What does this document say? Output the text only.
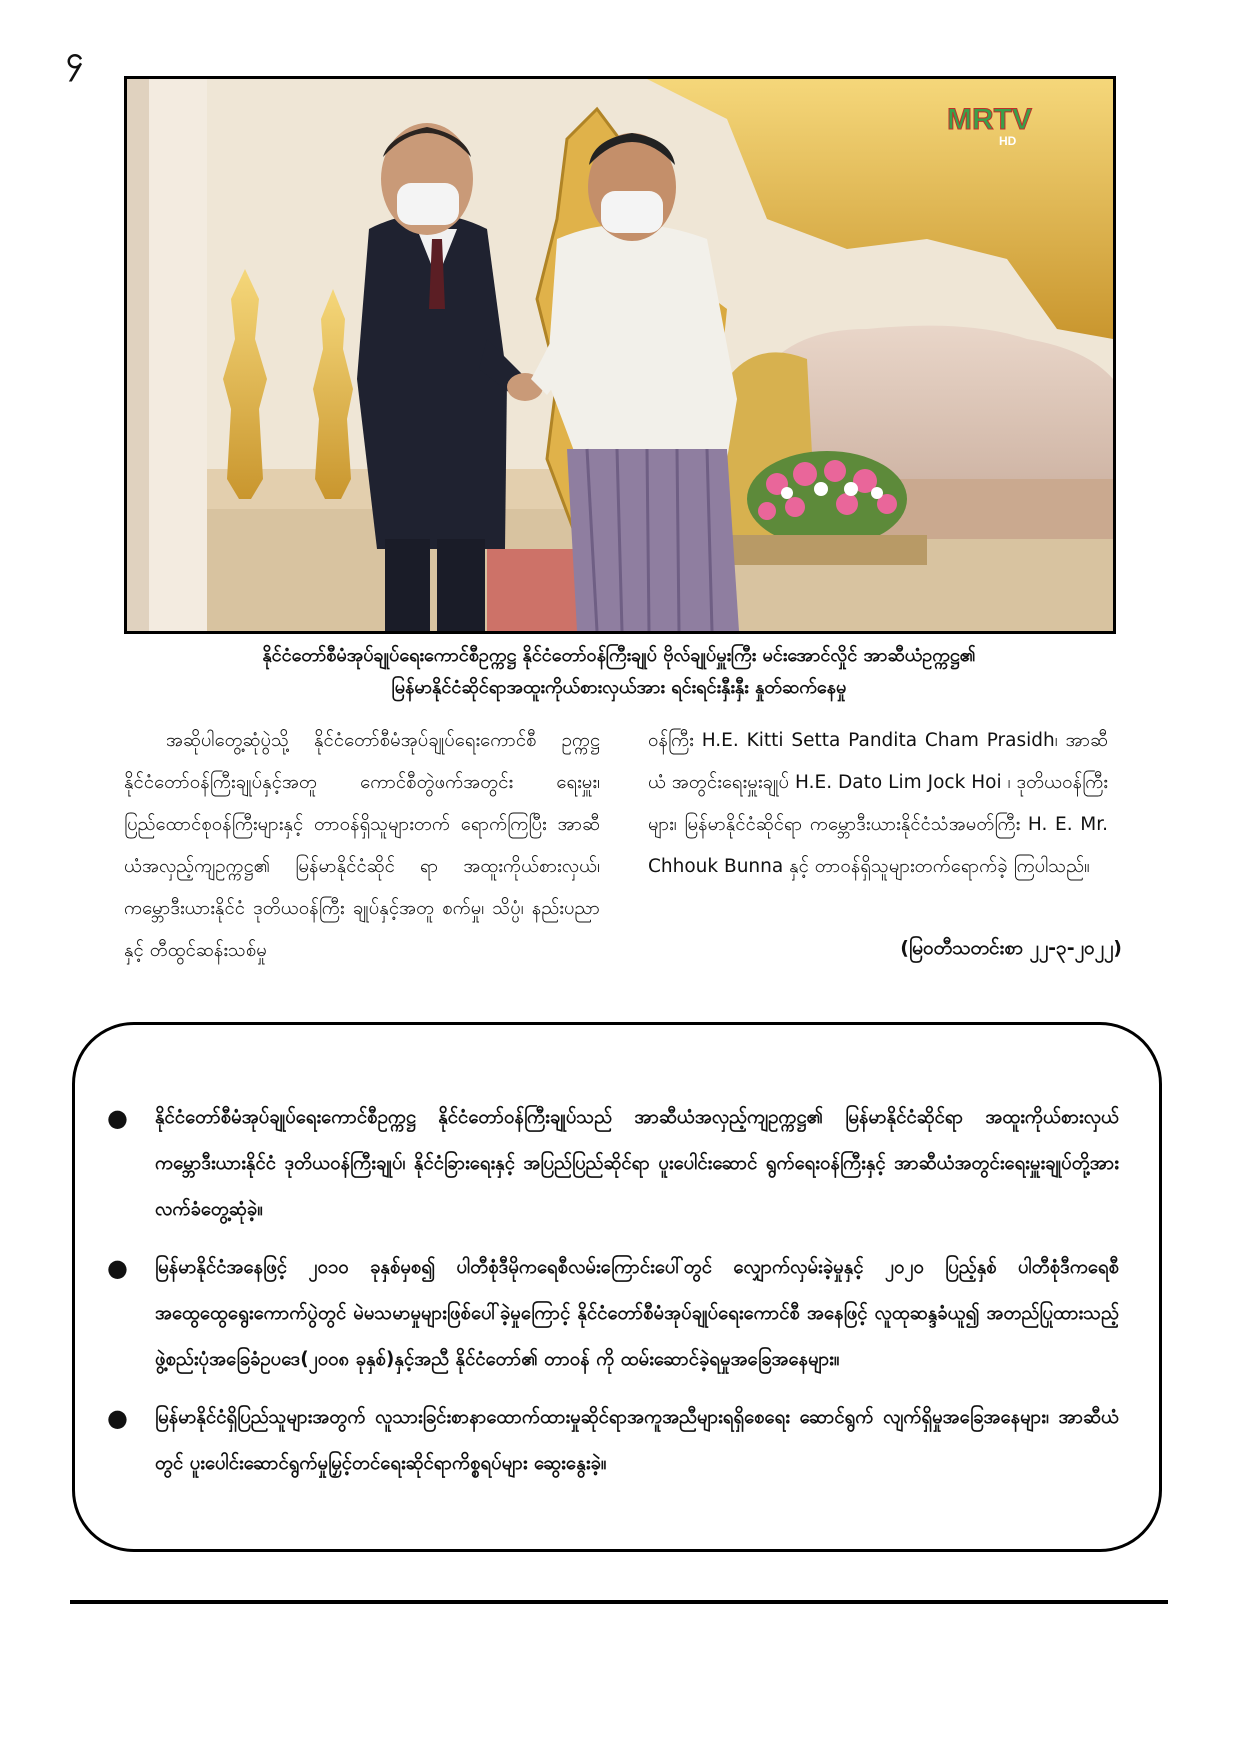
၄
MRTV
HD
နိုင်ငံတော်စီမံအုပ်ချုပ်ရေးကောင်စီဥက္ကဋ္ဌ နိုင်ငံတော်ဝန်ကြီးချုပ် ဗိုလ်ချုပ်မှူးကြီး မင်းအောင်လှိုင် အာဆီယံဥက္ကဋ္ဌ၏
မြန်မာနိုင်ငံဆိုင်ရာအထူးကိုယ်စားလှယ်အား ရင်းရင်းနှီးနှီး နှုတ်ဆက်နေမှု
အဆိုပါတွေ့ဆုံပွဲသို့ နိုင်ငံတော်စီမံအုပ်ချုပ်ရေးကောင်စီ ဥက္ကဋ္ဌ နိုင်ငံတော်ဝန်ကြီးချုပ်နှင့်အတူ ကောင်စီတွဲဖက်အတွင်း ရေးမှူး၊ ပြည်ထောင်စုဝန်ကြီးများနှင့် တာဝန်ရှိသူများတက် ရောက်ကြပြီး အာဆီယံအလှည့်ကျဥက္ကဋ္ဌ၏ မြန်မာနိုင်ငံဆိုင် ရာ အထူးကိုယ်စားလှယ်၊ ကမ္ဘောဒီးယားနိုင်ငံ ဒုတိယဝန်ကြီး ချုပ်နှင့်အတူ စက်မှု၊ သိပ္ပံ၊ နည်းပညာနှင့် တီထွင်ဆန်းသစ်မှု
ဝန်ကြီး H.E. Kitti Setta Pandita Cham Prasidh၊ အာဆီယံ အတွင်းရေးမှူးချုပ် H.E. Dato Lim Jock Hoi ၊ ဒုတိယဝန်ကြီး များ၊ မြန်မာနိုင်ငံဆိုင်ရာ ကမ္ဘောဒီးယားနိုင်ငံသံအမတ်ကြီး H. E. Mr. Chhouk Bunna နှင့် တာဝန်ရှိသူများတက်ရောက်ခဲ့ ကြပါသည်။
(မြဝတီသတင်းစာ ၂၂-၃-၂၀၂၂)
● နိုင်ငံတော်စီမံအုပ်ချုပ်ရေးကောင်စီဥက္ကဋ္ဌ နိုင်ငံတော်ဝန်ကြီးချုပ်သည် အာဆီယံအလှည့်ကျဥက္ကဋ္ဌ၏ မြန်မာနိုင်ငံဆိုင်ရာ အထူးကိုယ်စားလှယ် ကမ္ဘောဒီးယားနိုင်ငံ ဒုတိယဝန်ကြီးချုပ်၊ နိုင်ငံခြားရေးနှင့် အပြည်ပြည်ဆိုင်ရာ ပူးပေါင်းဆောင် ရွက်ရေးဝန်ကြီးနှင့် အာဆီယံအတွင်းရေးမှူးချုပ်တို့အား လက်ခံတွေ့ဆုံခဲ့။
● မြန်မာနိုင်ငံအနေဖြင့် ၂၀၁၀ ခုနှစ်မှစ၍ ပါတီစုံဒီမိုကရေစီလမ်းကြောင်းပေါ်တွင် လျှောက်လှမ်းခဲ့မှုနှင့် ၂၀၂၀ ပြည့်နှစ် ပါတီစုံဒီကရေစီအထွေထွေရွေးကောက်ပွဲတွင် မဲမသမာမှုများဖြစ်ပေါ်ခဲ့မှုကြောင့် နိုင်ငံတော်စီမံအုပ်ချုပ်ရေးကောင်စီ အနေဖြင့် လူထုဆန္ဒခံယူ၍ အတည်ပြုထားသည့် ဖွဲ့စည်းပုံအခြေခံဥပဒေ(၂၀၀၈ ခုနှစ်)နှင့်အညီ နိုင်ငံတော်၏ တာဝန် ကို ထမ်းဆောင်ခဲ့ရမှုအခြေအနေများ။
● မြန်မာနိုင်ငံရှိပြည်သူများအတွက် လူသားခြင်းစာနာထောက်ထားမှုဆိုင်ရာအကူအညီများရရှိစေရေး ဆောင်ရွက် လျက်ရှိမှုအခြေအနေများ၊ အာဆီယံတွင် ပူးပေါင်းဆောင်ရွက်မှုမြှင့်တင်ရေးဆိုင်ရာကိစ္စရပ်များ ဆွေးနွေးခဲ့။
